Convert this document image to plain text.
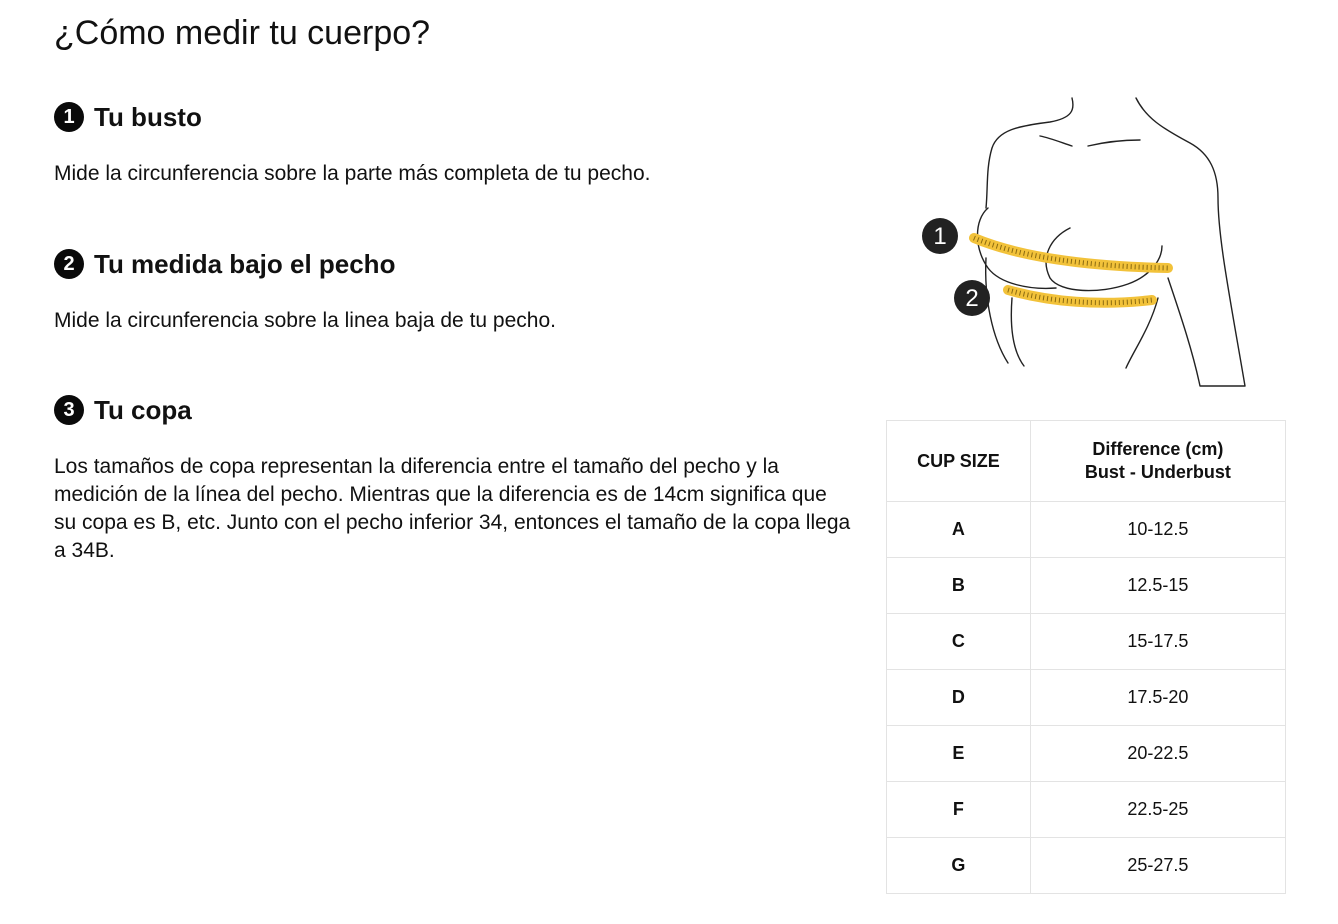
¿Cómo medir tu cuerpo?
1 Tu busto

Mide la circunferencia sobre la parte más completa de tu pecho.

2 Tu medida bajo el pecho

Mide la circunferencia sobre la linea baja de tu pecho.

3 Tu copa

Los tamaños de copa representan la diferencia entre el tamaño del pecho y la medición de la línea del pecho. Mientras que la diferencia es de 14cm significa que su copa es B, etc. Junto con el pecho inferior 34, entonces el tamaño de la copa llega a 34B.

1
2
CUP SIZE	Difference (cm)
Bust - Underbust

A	10-12.5
B	12.5-15
C	15-17.5
D	17.5-20
E	20-22.5
F	22.5-25
G	25-27.5
